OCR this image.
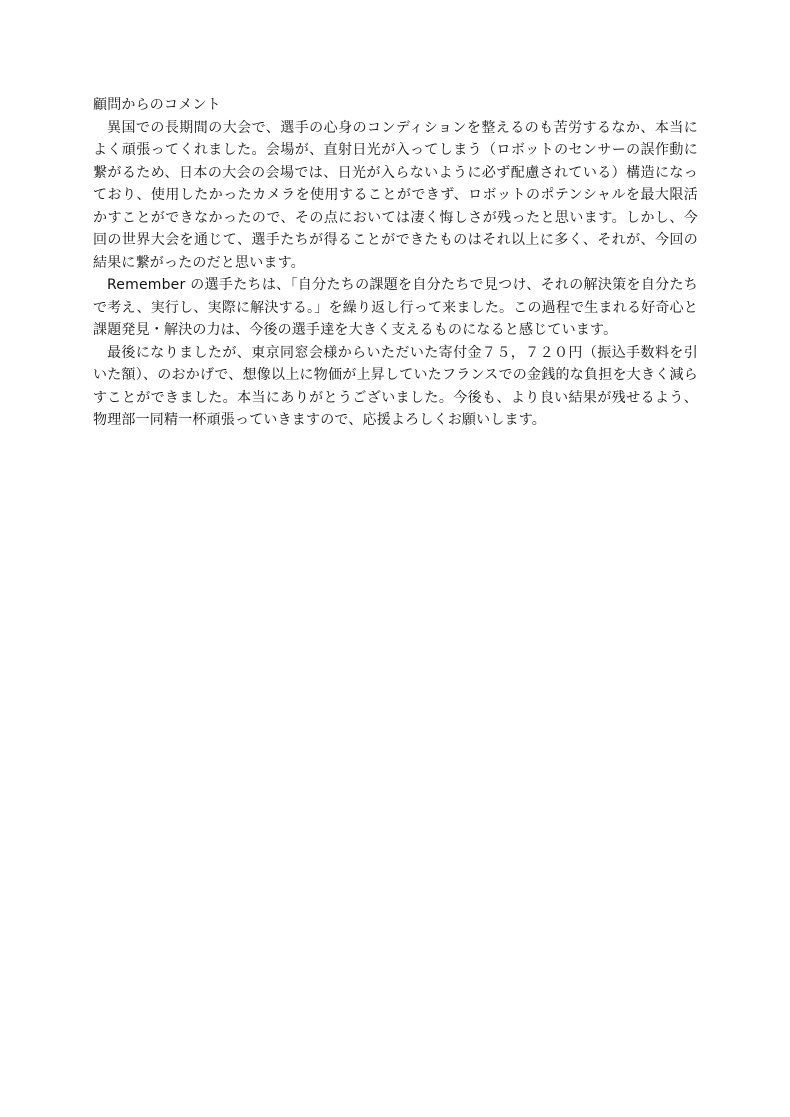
顧問からのコメント

異国での長期間の大会で、選手の心身のコンディションを整えるのも苦労するなか、本当によく頑張ってくれました。会場が、直射日光が入ってしまう（ロボットのセンサーの誤作動に繋がるため、日本の大会の会場では、日光が入らないように必ず配慮されている）構造になっており、使用したかったカメラを使用することができず、ロボットのポテンシャルを最大限活かすことができなかったので、その点においては凄く悔しさが残ったと思います。しかし、今回の世界大会を通じて、選手たちが得ることができたものはそれ以上に多く、それが、今回の結果に繋がったのだと思います。

Remember の選手たちは、「自分たちの課題を自分たちで見つけ、それの解決策を自分たちで考え、実行し、実際に解決する。」を繰り返し行って来ました。この過程で生まれる好奇心と課題発見・解決の力は、今後の選手達を大きく支えるものになると感じています。

最後になりましたが、東京同窓会様からいただいた寄付金７５，７２０円（振込手数料を引いた額）、のおかげで、想像以上に物価が上昇していたフランスでの金銭的な負担を大きく減らすことができました。本当にありがとうございました。今後も、より良い結果が残せるよう、物理部一同精一杯頑張っていきますので、応援よろしくお願いします。
